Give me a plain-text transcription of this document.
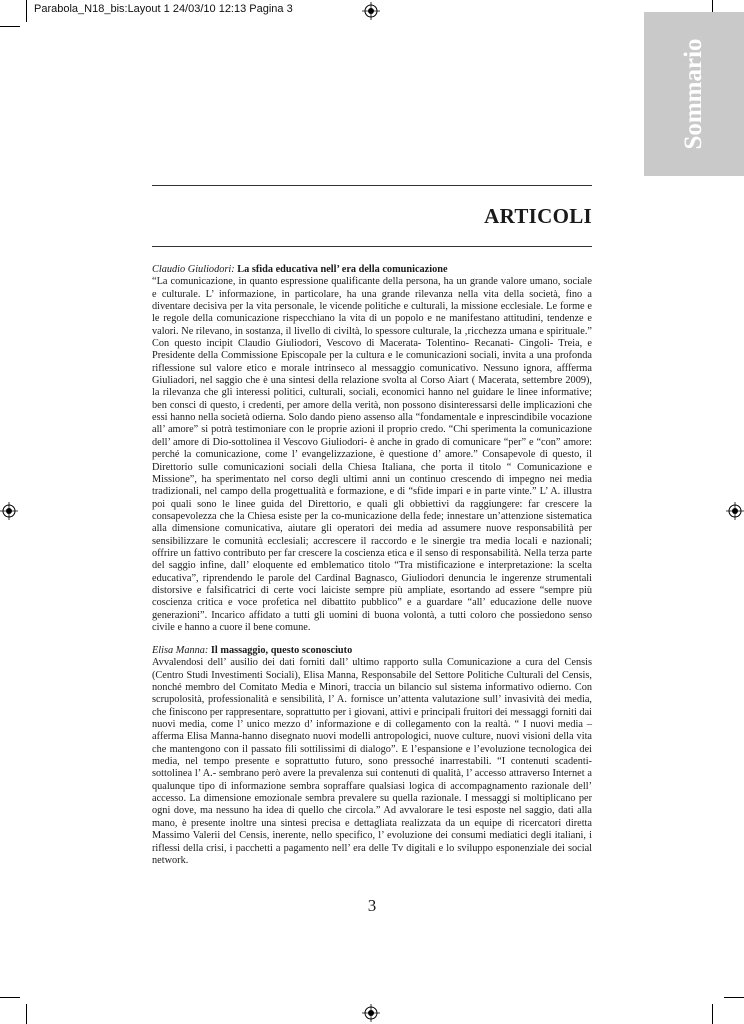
Parabola_N18_bis:Layout 1 24/03/10 12:13 Pagina 3
Sommario
ARTICOLI

Claudio Giuliodori: La sfida educativa nell’ era della comunicazione

“La comunicazione, in quanto espressione qualificante della persona, ha un grande valore umano, sociale e culturale. L’ informazione, in particolare, ha una grande rilevanza nella vita della società, fino a diventare decisiva per la vita personale, le vicende politiche e culturali, la missione ecclesiale. Le forme e le regole della comunicazione rispecchiano la vita di un popolo e ne manifestano attitudini, tendenze e valori. Ne rilevano, in sostanza, il livello di civiltà, lo spessore culturale, la ‚ricchezza umana e spirituale.” Con questo incipit Claudio Giuliodori, Vescovo di Macerata- Tolentino- Recanati- Cingoli- Treia, e Presidente della Commissione Episcopale per la cultura e le comunicazioni sociali, invita a una profonda riflessione sul valore etico e morale intrinseco al messaggio comunicativo. Nessuno ignora, affferma Giuliadori, nel saggio che è una sintesi della relazione svolta al Corso Aiart ( Macerata, settembre 2009), la rilevanza che gli interessi politici, culturali, sociali, economici hanno nel guidare le linee informative; ben consci di questo, i credenti, per amore della verità, non possono disinteressarsi delle implicazioni che essi hanno nella società odierna. Solo dando pieno assenso alla “fondamentale e inprescindibile vocazione all’ amore” si potrà testimoniare con le proprie azioni il proprio credo. “Chi sperimenta la comunicazione dell’ amore di Dio-sottolinea il Vescovo Giuliodori- è anche in grado di comunicare “per” e “con” amore: perché la comunicazione, come l’ evangelizzazione, è questione d’ amore.” Consapevole di questo, il Direttorio sulle comunicazioni sociali della Chiesa Italiana, che porta il titolo “ Comunicazione e Missione”, ha sperimentato nel corso degli ultimi anni un continuo crescendo di impegno nei media tradizionali, nel campo della progettualità e formazione, e di “sfide impari e in parte vinte.” L’ A. illustra poi quali sono le linee guida del Direttorio, e quali gli obbiettivi da raggiungere: far crescere la consapevolezza che la Chiesa esiste per la co-municazione della fede; innestare un’attenzione sistematica alla dimensione comunicativa, aiutare gli operatori dei media ad assumere nuove responsabilità per sensibilizzare le comunità ecclesiali; accrescere il raccordo e le sinergie tra media locali e nazionali; offrire un fattivo contributo per far crescere la coscienza etica e il senso di responsabilità. Nella terza parte del saggio infine, dall’ eloquente ed emblematico titolo “Tra mistificazione e interpretazione: la scelta educativa”, riprendendo le parole del Cardinal Bagnasco, Giuliodori denuncia le ingerenze strumentali distorsive e falsificatrici di certe voci laiciste sempre più ampliate, esortando ad essere “sempre più coscienza critica e voce profetica nel dibattito pubblico” e a guardare “all’ educazione delle nuove generazioni”. Incarico affidato a tutti gli uomini di buona volontà, a tutti coloro che possiedono senso civile e hanno a cuore il bene comune.

Elisa Manna: Il massaggio, questo sconosciuto

Avvalendosi dell’ ausilio dei dati forniti dall’ ultimo rapporto sulla Comunicazione a cura del Censis (Centro Studi Investimenti Sociali), Elisa Manna, Responsabile del Settore Politiche Culturali del Censis, nonché membro del Comitato Media e Minori, traccia un bilancio sul sistema informativo odierno. Con scrupolosità, professionalità e sensibilità, l’ A. fornisce un’attenta valutazione sull’ invasività dei media, che finiscono per rappresentare, soprattutto per i giovani, attivi e principali fruitori dei messaggi forniti dai nuovi media, come l’ unico mezzo d’ informazione e di collegamento con la realtà. “ I nuovi media –afferma Elisa Manna-hanno disegnato nuovi modelli antropologici, nuove culture, nuovi visioni della vita che mantengono con il passato fili sottilissimi di dialogo”. E l’espansione e l’evoluzione tecnologica dei media, nel tempo presente e soprattutto futuro, sono pressoché inarrestabili. “I contenuti scadenti-sottolinea l’ A.- sembrano però avere la prevalenza sui contenuti di qualità, l’ accesso attraverso Internet a qualunque tipo di informazione sembra sopraffare qualsiasi logica di accompagnamento razionale dell’ accesso. La dimensione emozionale sembra prevalere su quella razionale. I messaggi si moltiplicano per ogni dove, ma nessuno ha idea di quello che circola.” Ad avvalorare le tesi esposte nel saggio, dati alla mano, è presente inoltre una sintesi precisa e dettagliata realizzata da un equipe di ricercatori diretta Massimo Valerii del Censis, inerente, nello specifico, l’ evoluzione dei consumi mediatici degli italiani, i riflessi della crisi, i pacchetti a pagamento nell’ era delle Tv digitali e lo sviluppo esponenziale dei social network.

3
